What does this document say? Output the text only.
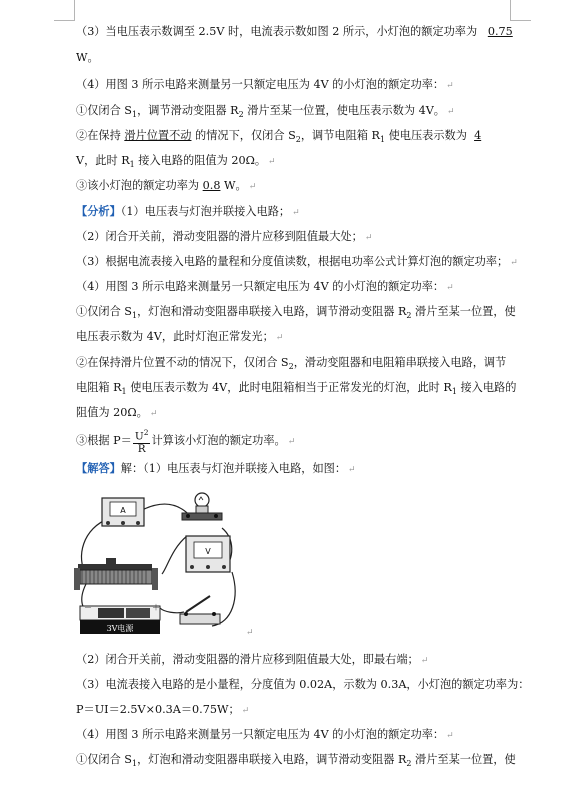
（3）当电压表示数调至 2.5V 时，电流表示数如图 2 所示，小灯泡的额定功率为 0.75
W。
（4）用图 3 所示电路来测量另一只额定电压为 4V 的小灯泡的额定功率： ↵
①仅闭合 $S_1$，调节滑动变阻器 $R_2$ 滑片至某一位置，使电压表示数为 4V。 ↵
②在保持 滑片位置不动 的情况下，仅闭合 $S_2$，调节电阻箱 $R_1$ 使电压表示数为 4
V，此时 $R_1$ 接入电路的阻值为 20Ω。 ↵
③该小灯泡的额定功率为 0.8 W。 ↵
【分析】（1）电压表与灯泡并联接入电路； ↵
（2）闭合开关前，滑动变阻器的滑片应移到阻值最大处； ↵
（3）根据电流表接入电路的量程和分度值读数，根据电功率公式计算灯泡的额定功率； ↵
（4）用图 3 所示电路来测量另一只额定电压为 4V 的小灯泡的额定功率： ↵
①仅闭合 $S_1$，灯泡和滑动变阻器串联接入电路，调节滑动变阻器 $R_2$ 滑片至某一位置，使
电压表示数为 4V，此时灯泡正常发光； ↵
②在保持滑片位置不动的情况下，仅闭合 $S_2$，滑动变阻器和电阻箱串联接入电路，调节
电阻箱 $R_1$ 使电压表示数为 4V，此时电阻箱相当于正常发光的灯泡，此时 $R_1$ 接入电路的
阻值为 20Ω。 ↵
③根据 $P= \frac{U^2}{R}$ 计算该小灯泡的额定功率。 ↵
【解答】解：（1）电压表与灯泡并联接入电路，如图： ↵
A
V
－	＋
3V电源	↵
（2）闭合开关前，滑动变阻器的滑片应移到阻值最大处，即最右端； ↵
（3）电流表接入电路的是小量程，分度值为 0.02A，示数为 0.3A，小灯泡的额定功率为：
P＝UI＝2.5V×0.3A＝0.75W； ↵
（4）用图 3 所示电路来测量另一只额定电压为 4V 的小灯泡的额定功率： ↵
①仅闭合 $S_1$，灯泡和滑动变阻器串联接入电路，调节滑动变阻器 $R_2$ 滑片至某一位置，使
